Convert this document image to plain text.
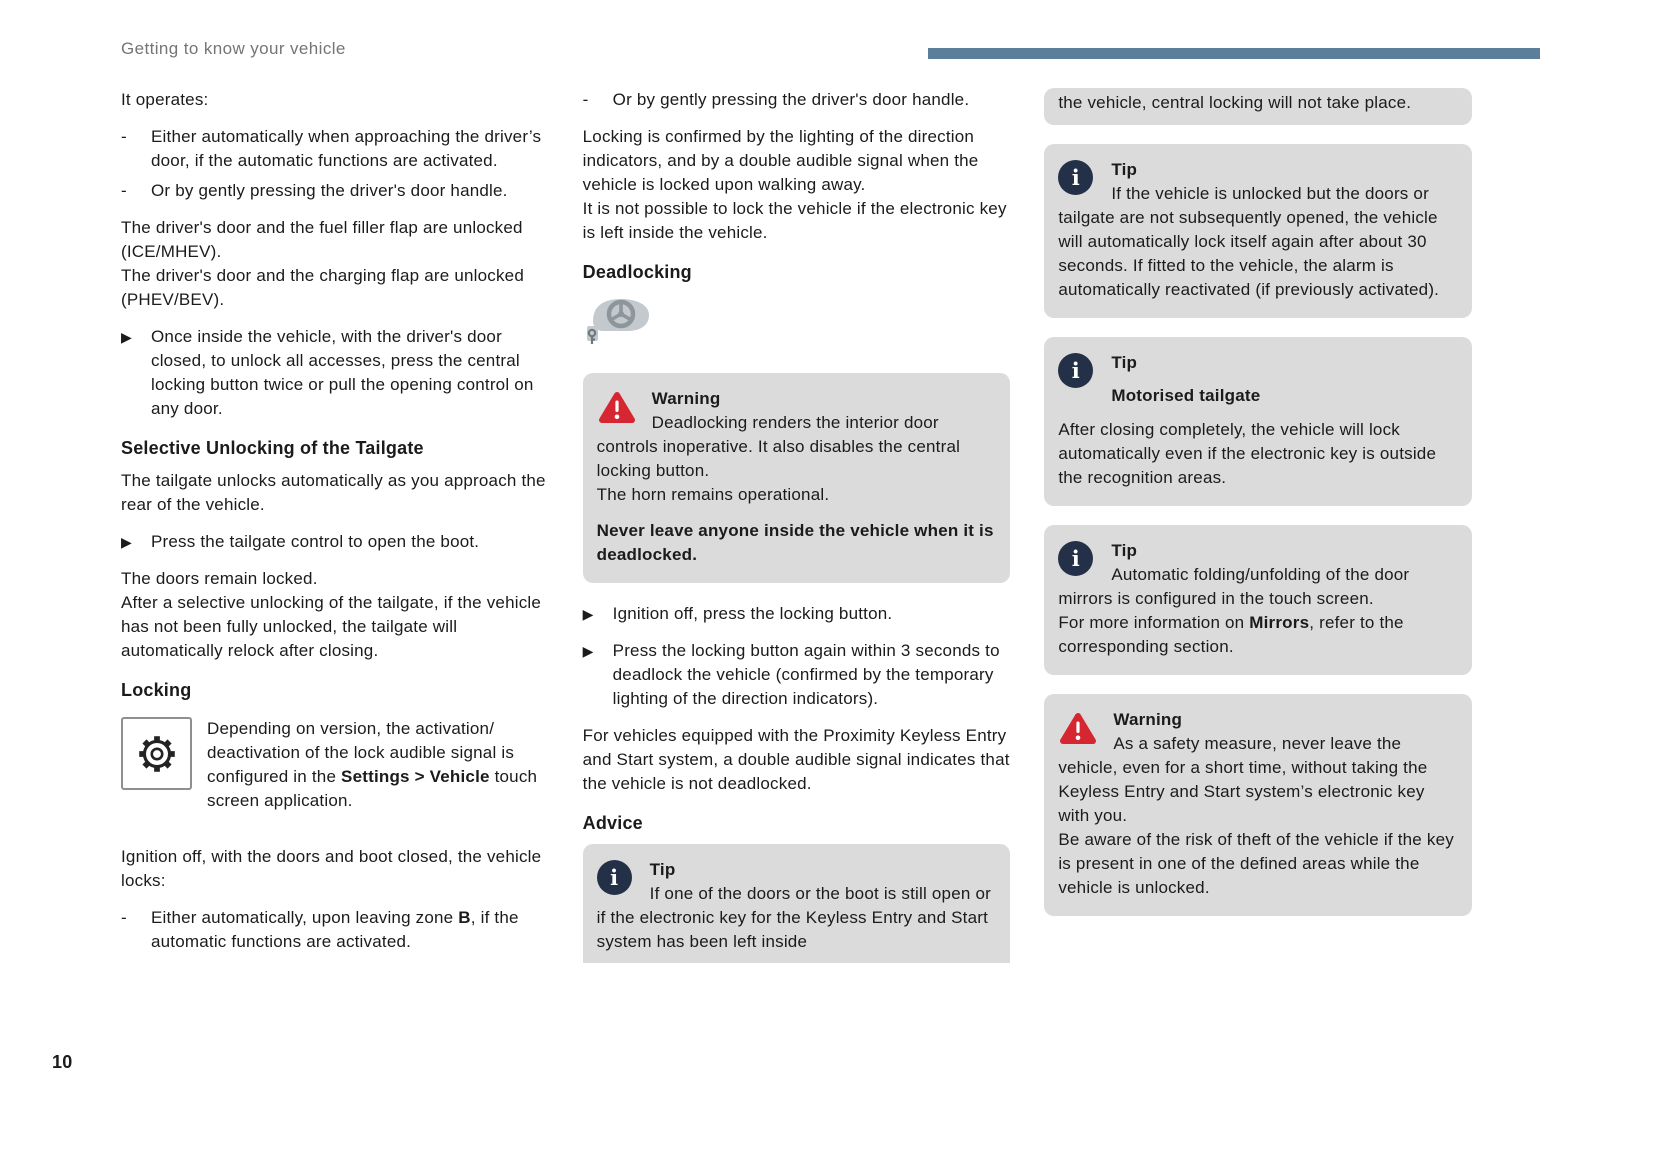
Getting to know your vehicle

It operates:

-	Either automatically when approaching the driver’s door, if the automatic functions are activated.
-	Or by gently pressing the driver's door handle.

The driver's door and the fuel filler flap are unlocked (ICE/MHEV).

The driver's door and the charging flap are unlocked (PHEV/BEV).

▶	Once inside the vehicle, with the driver's door closed, to unlock all accesses, press the central locking button twice or pull the opening control on any door.
Selective Unlocking of the Tailgate

The tailgate unlocks automatically as you approach the rear of the vehicle.

▶	Press the tailgate control to open the boot.

The doors remain locked.

After a selective unlocking of the tailgate, if the vehicle has not been fully unlocked, the tailgate will automatically relock after closing.

Locking

Depending on version, the activation/ deactivation of the lock audible signal is configured in the Settings > Vehicle touch screen application.

Ignition off, with the doors and boot closed, the vehicle locks:

-	Either automatically, upon leaving zone B, if the automatic functions are activated.
-	Or by gently pressing the driver's door handle.

Locking is confirmed by the lighting of the direction indicators, and by a double audible signal when the vehicle is locked upon walking away.

It is not possible to lock the vehicle if the electronic key is left inside the vehicle.

Deadlocking
Warning

Deadlocking renders the interior door controls inoperative. It also disables the central locking button.

The horn remains operational.

Never leave anyone inside the vehicle when it is deadlocked.

▶	Ignition off, press the locking button.
▶	Press the locking button again within 3 seconds to deadlock the vehicle (confirmed by the temporary lighting of the direction indicators).

For vehicles equipped with the Proximity Keyless Entry and Start system, a double audible signal indicates that the vehicle is not deadlocked.

Advice
i	Tip

If one of the doors or the boot is still open or if the electronic key for the Keyless Entry and Start system has been left inside

the vehicle, central locking will not take place.

i	Tip

If the vehicle is unlocked but the doors or tailgate are not subsequently opened, the vehicle will automatically lock itself again after about 30 seconds. If fitted to the vehicle, the alarm is automatically reactivated (if previously activated).

i	Tip
Motorised tailgate

After closing completely, the vehicle will lock automatically even if the electronic key is outside the recognition areas.

i	Tip

Automatic folding/unfolding of the door mirrors is configured in the touch screen.

For more information on Mirrors, refer to the corresponding section.

Warning

As a safety measure, never leave the vehicle, even for a short time, without taking the Keyless Entry and Start system’s electronic key with you.

Be aware of the risk of theft of the vehicle if the key is present in one of the defined areas while the vehicle is unlocked.

10
